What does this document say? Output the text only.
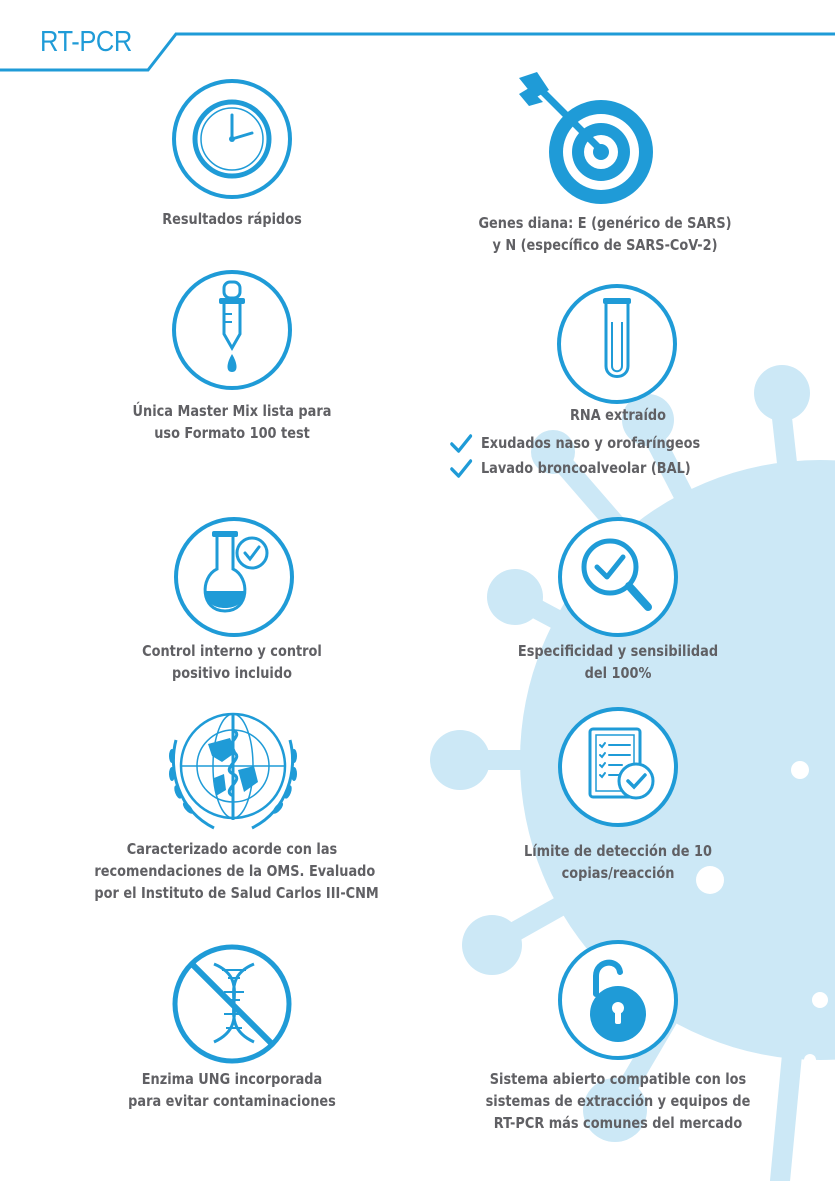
RT-PCR
Resultados rápidos	Genes diana: E (genérico de SARS)
y N (específico de SARS-CoV-2)
Única Master Mix lista para
uso Formato 100 test
RNA extraído
Exudados naso y orofaríngeos
Lavado broncoalveolar (BAL)
Control interno y control
positivo incluido
Especificidad y sensibilidad
del 100%
Caracterizado acorde con las
recomendaciones de la OMS. Evaluado
por el Instituto de Salud Carlos III-CNM
Límite de detección de 10
copias/reacción
Enzima UNG incorporada
para evitar contaminaciones
Sistema abierto compatible con los
sistemas de extracción y equipos de
RT-PCR más comunes del mercado
